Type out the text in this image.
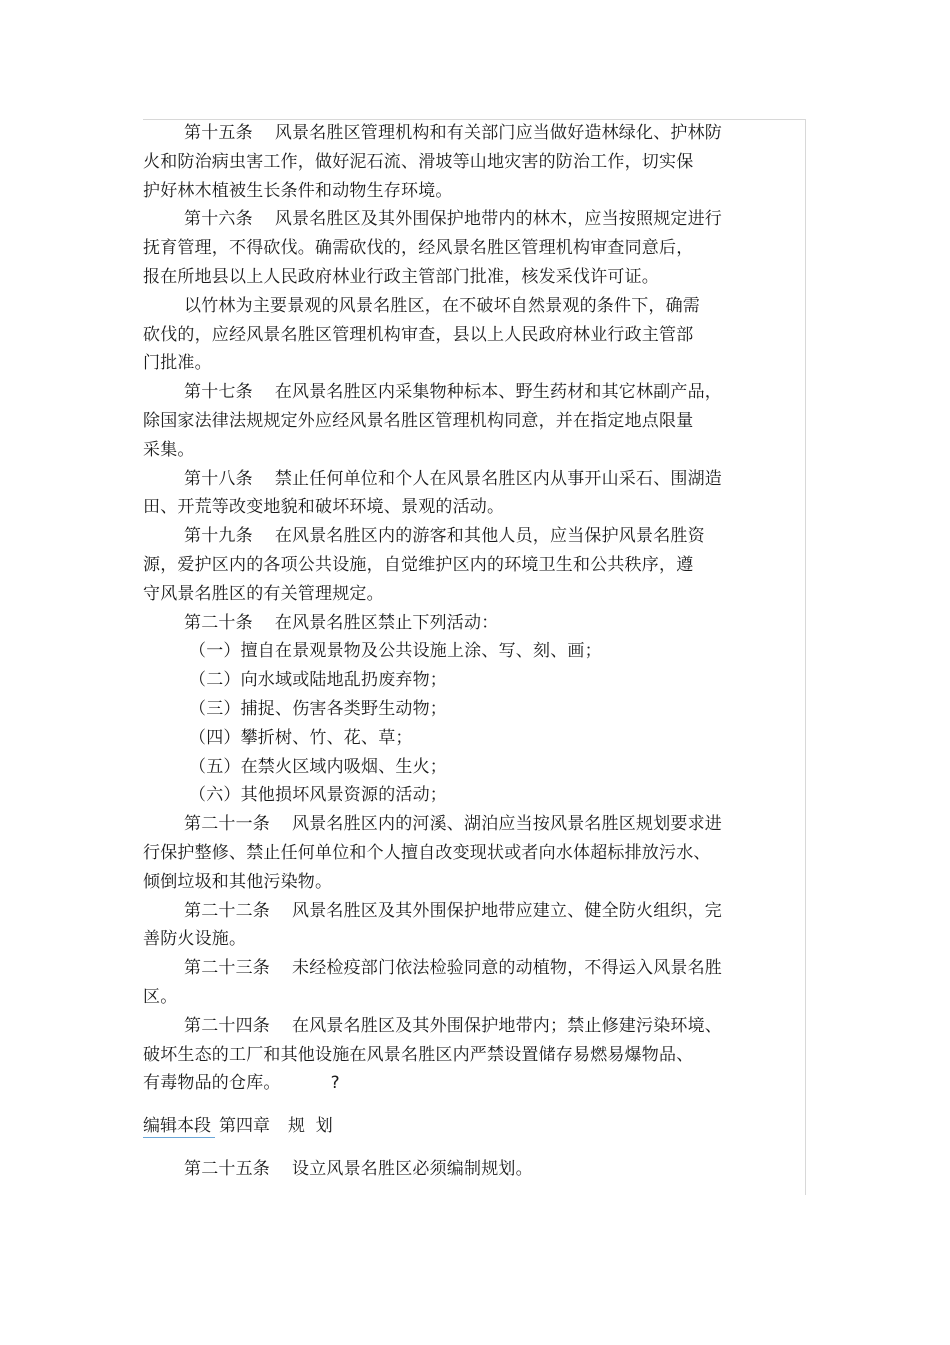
第十五条 风景名胜区管理机构和有关部门应当做好造林绿化、护林防
火和防治病虫害工作，做好泥石流、滑坡等山地灾害的防治工作，切实保
护好林木植被生长条件和动物生存环境。
第十六条 风景名胜区及其外围保护地带内的林木，应当按照规定进行
抚育管理，不得砍伐。确需砍伐的，经风景名胜区管理机构审查同意后，
报在所地县以上人民政府林业行政主管部门批准，核发采伐许可证。
以竹林为主要景观的风景名胜区，在不破坏自然景观的条件下，确需
砍伐的，应经风景名胜区管理机构审查，县以上人民政府林业行政主管部
门批准。
第十七条 在风景名胜区内采集物种标本、野生药材和其它林副产品，
除国家法律法规规定外应经风景名胜区管理机构同意，并在指定地点限量
采集。
第十八条 禁止任何单位和个人在风景名胜区内从事开山采石、围湖造
田、开荒等改变地貌和破坏环境、景观的活动。
第十九条 在风景名胜区内的游客和其他人员，应当保护风景名胜资
源，爱护区内的各项公共设施，自觉维护区内的环境卫生和公共秩序，遵
守风景名胜区的有关管理规定。
第二十条 在风景名胜区禁止下列活动：
（一）擅自在景观景物及公共设施上涂、写、刻、画；
（二）向水域或陆地乱扔废弃物；
（三）捕捉、伤害各类野生动物；
（四）攀折树、竹、花、草；
（五）在禁火区域内吸烟、生火；
（六）其他损坏风景资源的活动；
第二十一条 风景名胜区内的河溪、湖泊应当按风景名胜区规划要求进
行保护整修、禁止任何单位和个人擅自改变现状或者向水体超标排放污水、
倾倒垃圾和其他污染物。
第二十二条 风景名胜区及其外围保护地带应建立、健全防火组织，完
善防火设施。
第二十三条 未经检疫部门依法检验同意的动植物，不得运入风景名胜
区。
第二十四条 在风景名胜区及其外围保护地带内；禁止修建污染环境、
破坏生态的工厂和其他设施在风景名胜区内严禁设置储存易燃易爆物品、
有毒物品的仓库。	?
编辑本段 第四章 规  划
第二十五条 设立风景名胜区必须编制规划。
